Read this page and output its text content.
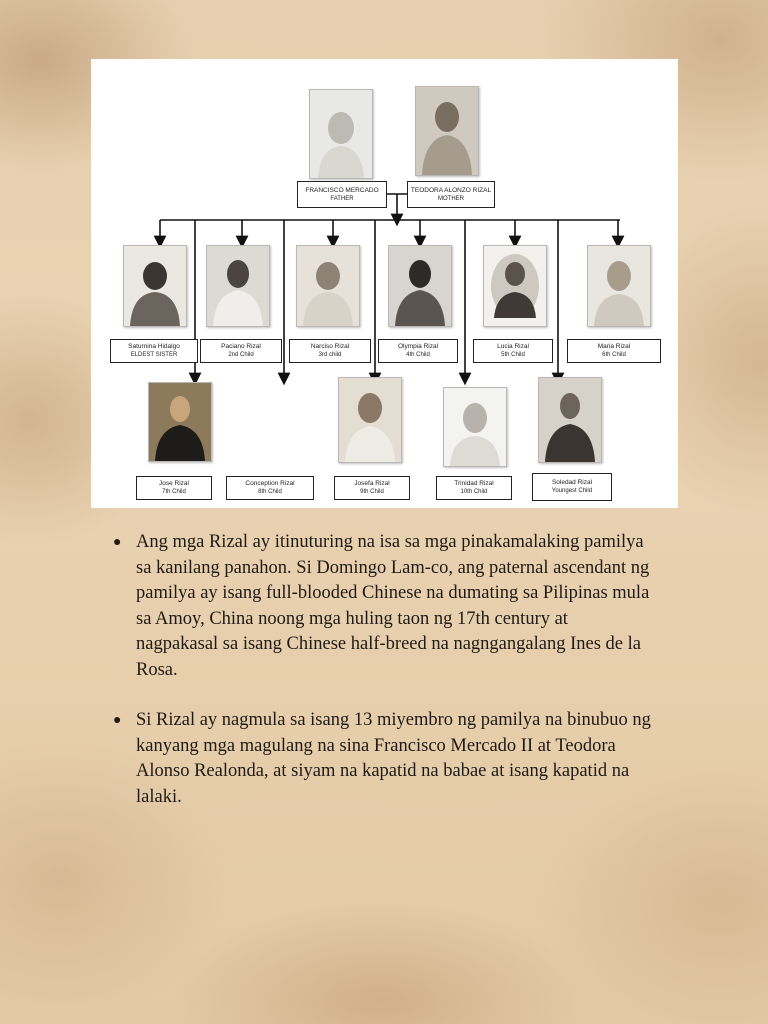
FRANCISCO MERCADO
FATHER
TEODORA ALONZO RIZAL
MOTHER
Saturnina Hidalgo
ELDEST SISTER
Paciano Rizal
2nd Child
Narciso Rizal
3rd child
Olympia Rizal
4th Child
Lucia Rizal
5th Child
Maria Rizal
6th Child
Jose Rizal
7th Child
Conception Rizal
8th Child
Josefa Rizal
9th Child
Trinidad Rizal
10th Child
Soledad Rizal
Youngest Child
● Ang mga Rizal ay itinuturing na isa sa mga pinakamalaking pamilya sa kanilang panahon. Si Domingo Lam-co, ang paternal ascendant ng pamilya ay isang full-blooded Chinese na dumating sa Pilipinas mula sa Amoy, China noong mga huling taon ng 17th century at nagpakasal sa isang Chinese half-breed na nagngangalang Ines de la Rosa.
● Si Rizal ay nagmula sa isang 13 miyembro ng pamilya na binubuo ng kanyang mga magulang na sina Francisco Mercado II at Teodora Alonso Realonda, at siyam na kapatid na babae at isang kapatid na lalaki.
